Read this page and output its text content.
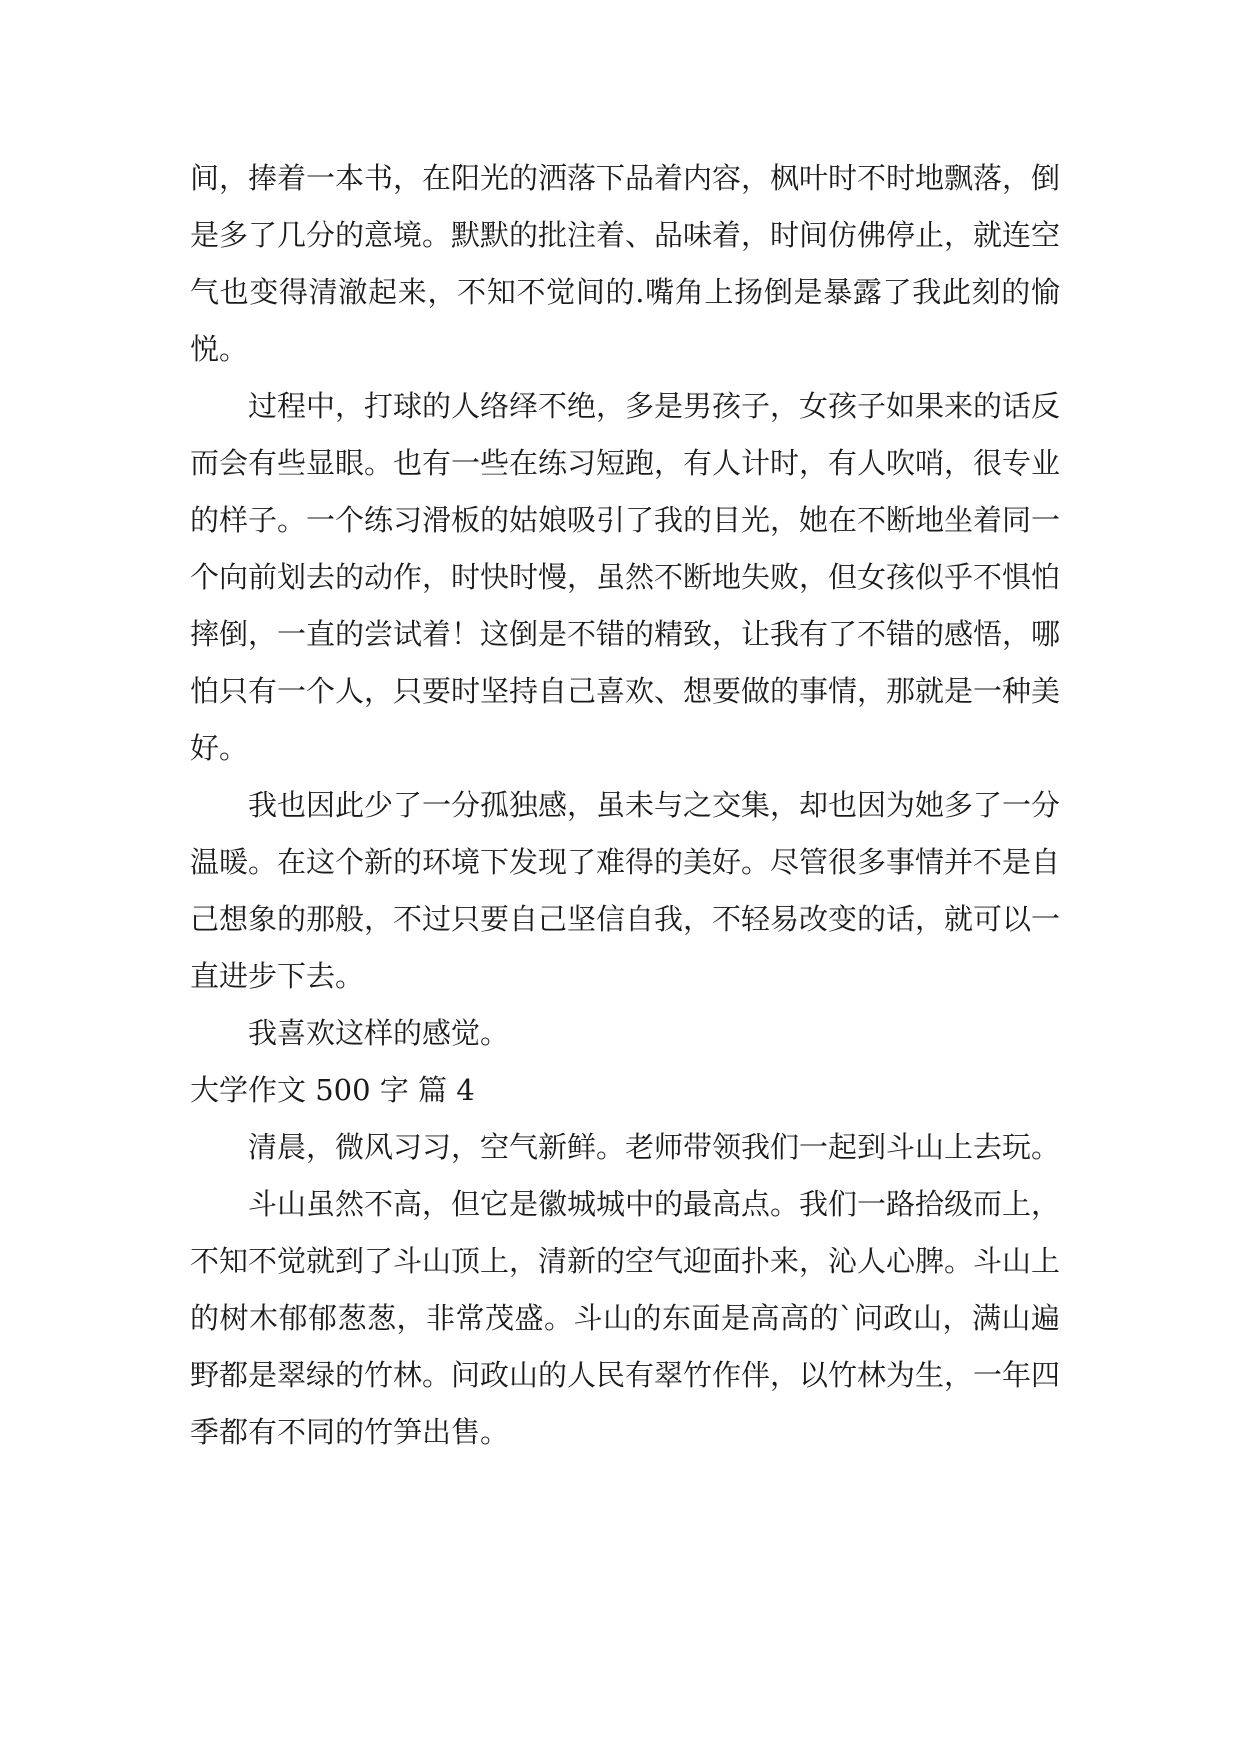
间，捧着一本书，在阳光的洒落下品着内容，枫叶时不时地飘落，倒是多了几分的意境。默默的批注着、品味着，时间仿佛停止，就连空气也变得清澈起来，不知不觉间的.嘴角上扬倒是暴露了我此刻的愉悦。

过程中，打球的人络绎不绝，多是男孩子，女孩子如果来的话反而会有些显眼。也有一些在练习短跑，有人计时，有人吹哨，很专业的样子。一个练习滑板的姑娘吸引了我的目光，她在不断地坐着同一个向前划去的动作，时快时慢，虽然不断地失败，但女孩似乎不惧怕摔倒，一直的尝试着！这倒是不错的精致，让我有了不错的感悟，哪怕只有一个人，只要时坚持自己喜欢、想要做的事情，那就是一种美好。

我也因此少了一分孤独感，虽未与之交集，却也因为她多了一分温暖。在这个新的环境下发现了难得的美好。尽管很多事情并不是自己想象的那般，不过只要自己坚信自我，不轻易改变的话，就可以一直进步下去。

我喜欢这样的感觉。

大学作文 500 字 篇 4

清晨，微风习习，空气新鲜。老师带领我们一起到斗山上去玩。

斗山虽然不高，但它是徽城城中的最高点。我们一路拾级而上，不知不觉就到了斗山顶上，清新的空气迎面扑来，沁人心脾。斗山上的树木郁郁葱葱，非常茂盛。斗山的东面是高高的`问政山，满山遍野都是翠绿的竹林。问政山的人民有翠竹作伴，以竹林为生，一年四季都有不同的竹笋出售。
